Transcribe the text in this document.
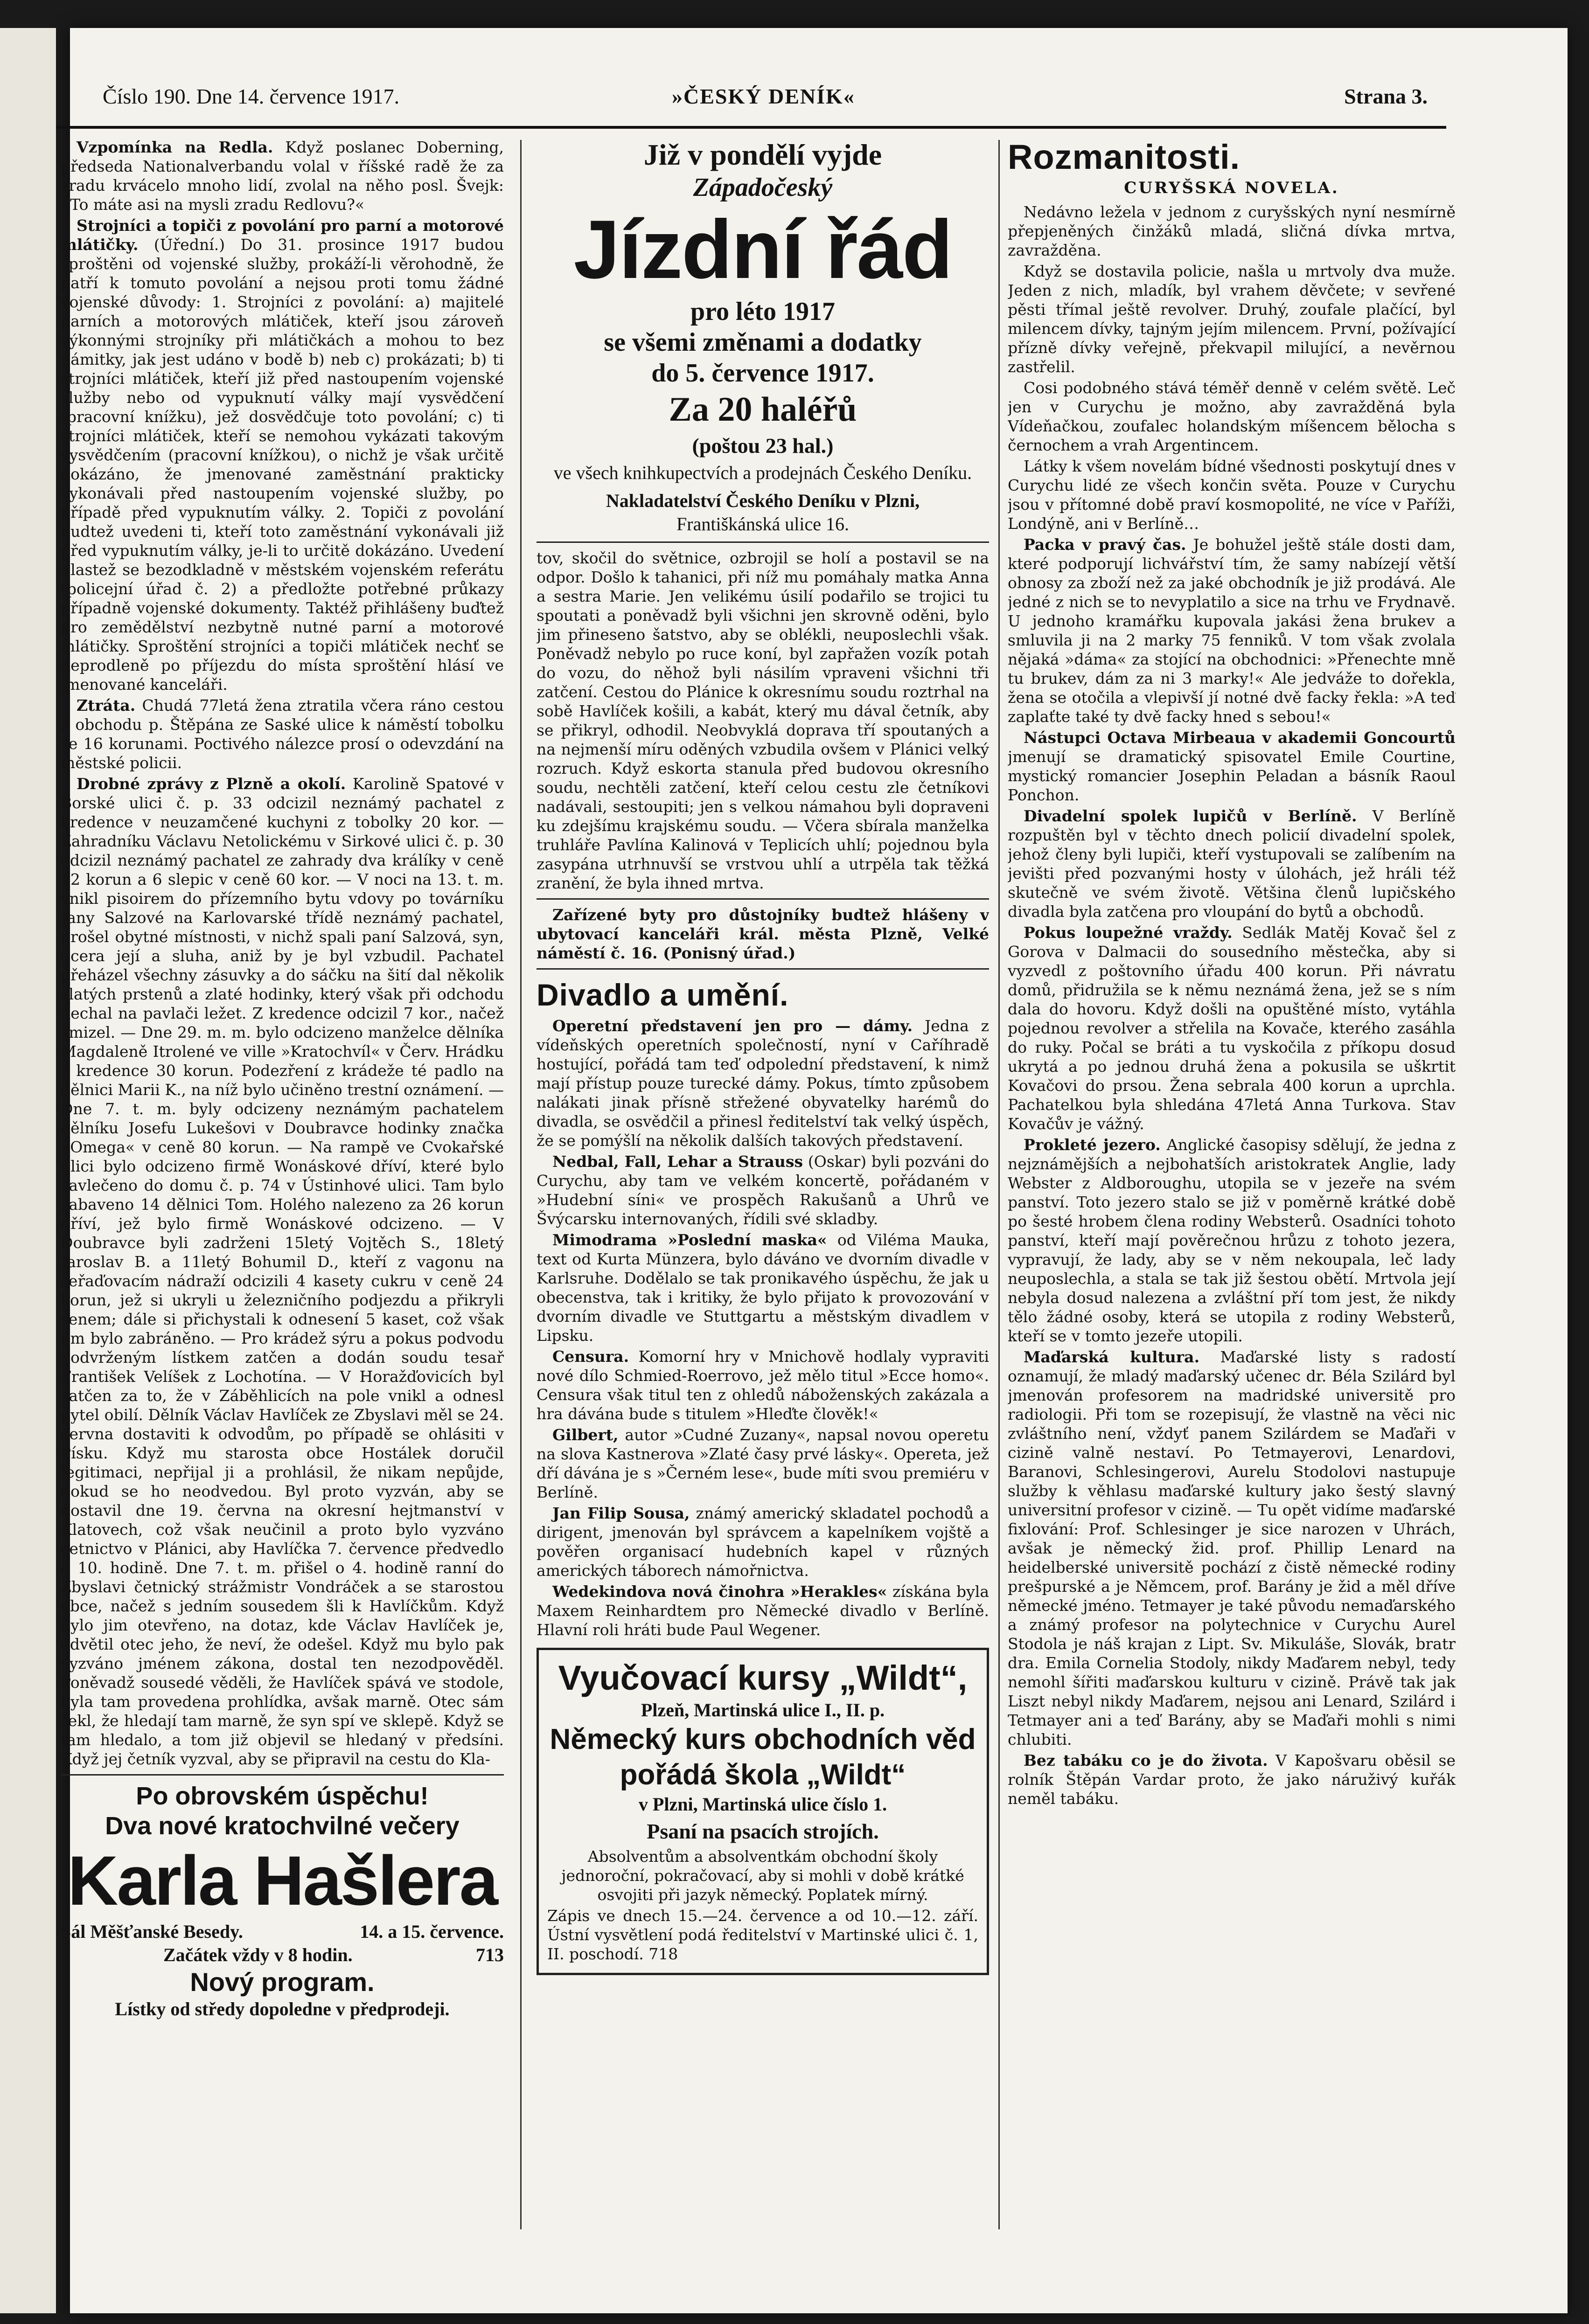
Číslo 190. Dne 14. července 1917.	»ČESKÝ DENÍK«	Strana 3.

Vzpomínka na Redla. Když poslanec Doberning, předseda Nationalverbandu volal v říšské radě že za zradu krvácelo mnoho lidí, zvolal na něho posl. Švejk: »To máte asi na mysli zradu Redlovu?«

Strojníci a topiči z povolání pro parní a motorové mlátičky. (Úřední.) Do 31. prosince 1917 budou sproštěni od vojenské služby, prokáží-li věrohodně, že patří k tomuto povolání a nejsou proti tomu žádné vojenské důvody: 1. Strojníci z povolání: a) majitelé parních a motorových mlátiček, kteří jsou zároveň výkonnými strojníky při mlátičkách a mohou to bez námitky, jak jest udáno v bodě b) neb c) prokázati; b) ti strojníci mlátiček, kteří již před nastoupením vojenské služby nebo od vypuknutí války mají vysvědčení (pracovní knížku), jež dosvědčuje toto povolání; c) ti strojníci mlátiček, kteří se nemohou vykázati takovým vysvědčením (pracovní knížkou), o nichž je však určitě dokázáno, že jmenované zaměstnání prakticky vykonávali před nastoupením vojenské služby, po případě před vypuknutím války. 2. Topiči z povolání budtež uvedeni ti, kteří toto zaměstnání vykonávali již před vypuknutím války, je-li to určitě dokázáno. Uvedení hlastež se bezodkladně v městském vojenském referátu (policejní úřad č. 2) a předložte potřebné průkazy případně vojenské dokumenty. Taktéž přihlášeny buďtež pro zemědělství nezbytně nutné parní a motorové mlátičky. Sproštění strojníci a topiči mlátiček nechť se neprodleně po příjezdu do místa sproštění hlásí ve jmenované kanceláři.

Ztráta. Chudá 77letá žena ztratila včera ráno cestou z obchodu p. Štěpána ze Saské ulice k náměstí tobolku se 16 korunami. Poctivého nálezce prosí o odevzdání na městské policii.

Drobné zprávy z Plzně a okolí. Karolině Spatové v Borské ulici č. p. 33 odcizil neznámý pachatel z kredence v neuzamčené kuchyni z tobolky 20 kor. — Zahradníku Václavu Netolickému v Sirkové ulici č. p. 30 odcizil neznámý pachatel ze zahrady dva králíky v ceně 42 korun a 6 slepic v ceně 60 kor. — V noci na 13. t. m. vnikl pisoirem do přízemního bytu vdovy po továrníku Jany Salzové na Karlovarské třídě neznámý pachatel, prošel obytné místnosti, v nichž spali paní Salzová, syn, dcera její a sluha, aniž by je byl vzbudil. Pachatel přeházel všechny zásuvky a do sáčku na šití dal několik zlatých prstenů a zlaté hodinky, který však při odchodu nechal na pavlači ležet. Z kredence odcizil 7 kor., načež zmizel. — Dne 29. m. m. bylo odcizeno manželce dělníka Magdaleně Itrolené ve ville »Kratochvíl« v Červ. Hrádku z kredence 30 korun. Podezření z krádeže té padlo na dělnici Marii K., na níž bylo učiněno trestní oznámení. — Dne 7. t. m. byly odcizeny neznámým pachatelem dělníku Josefu Lukešovi v Doubravce hodinky značka »Omega« v ceně 80 korun. — Na rampě ve Cvokařské ulici bylo odcizeno firmě Wonáskové dříví, které bylo zavlečeno do domu č. p. 74 v Ústinhové ulici. Tam bylo zabaveno 14 dělnici Tom. Holého nalezeno za 26 korun dříví, jež bylo firmě Wonáskové odcizeno. — V Doubravce byli zadrženi 15letý Vojtěch S., 18letý Jaroslav B. a 11letý Bohumil D., kteří z vagonu na seřaďovacím nádraží odcizili 4 kasety cukru v ceně 24 korun, jež si ukryli u železničního podjezdu a přikryli senem; dále si přichystali k odnesení 5 kaset, což však jim bylo zabráněno. — Pro krádež sýru a pokus podvodu podvrženým lístkem zatčen a dodán soudu tesař František Velíšek z Lochotína. — V Horažďovicích byl zatčen za to, že v Záběhlicích na pole vnikl a odnesl pytel obilí. Dělník Václav Havlíček ze Zbyslavi měl se 24. června dostaviti k odvodům, po případě se ohlásiti v Písku. Když mu starosta obce Hostálek doručil legitimaci, nepřijal ji a prohlásil, že nikam nepůjde, dokud se ho neodvedou. Byl proto vyzván, aby se dostavil dne 19. června na okresní hejtmanství v Klatovech, což však neučinil a proto bylo vyzváno četnictvo v Plánici, aby Havlíčka 7. července předvedlo o 10. hodině. Dne 7. t. m. přišel o 4. hodině ranní do Zbyslavi četnický strážmistr Vondráček a se starostou obce, načež s jedním sousedem šli k Havlíčkům. Když bylo jim otevřeno, na dotaz, kde Václav Havlíček je, odvětil otec jeho, že neví, že odešel. Když mu bylo pak vyzváno jménem zákona, dostal ten nezodpověděl. Poněvadž sousedé věděli, že Havlíček spává ve stodole, byla tam provedena prohlídka, avšak marně. Otec sám řekl, že hledají tam marně, že syn spí ve sklepě. Když se tam hledalo, a tom již objevil se hledaný v předsíni. Když jej četník vyzval, aby se připravil na cestu do Kla-

Po obrovském úspěchu!
Dva nové kratochvilné večery
Karla Hašlera
Sál Měšťanské Besedy.	14. a 15. července.
Začátek vždy v 8 hodin.	713
Nový program.
Lístky od středy dopoledne v předprodeji.
Již v pondělí vyjde
Západočeský
Jízdní řád
pro léto 1917
se všemi změnami a dodatky
do 5. července 1917.
Za 20 haléřů
(poštou 23 hal.)
ve všech knihkupectvích a prodejnách Českého Deníku.
Nakladatelství Českého Deníku v Plzni,
Františkánská ulice 16.

tov, skočil do světnice, ozbrojil se holí a postavil se na odpor. Došlo k tahanici, při níž mu pomáhaly matka Anna a sestra Marie. Jen velikému úsilí podařilo se trojici tu spoutati a poněvadž byli všichni jen skrovně oděni, bylo jim přineseno šatstvo, aby se oblékli, neuposlechli však. Poněvadž nebylo po ruce koní, byl zapřažen vozík potah do vozu, do něhož byli násilím vpraveni všichni tři zatčení. Cestou do Plánice k okresnímu soudu roztrhal na sobě Havlíček košili, a kabát, který mu dával četník, aby se přikryl, odhodil. Neobvyklá doprava tří spoutaných a na nejmenší míru oděných vzbudila ovšem v Plánici velký rozruch. Když eskorta stanula před budovou okresního soudu, nechtěli zatčení, kteří celou cestu zle četníkovi nadávali, sestoupiti; jen s velkou námahou byli dopraveni ku zdejšímu krajskému soudu. — Včera sbírala manželka truhláře Pavlína Kalinová v Teplicích uhlí; pojednou byla zasypána utrhnuvší se vrstvou uhlí a utrpěla tak těžká zranění, že byla ihned mrtva.

Zařízené byty pro důstojníky budtež hlášeny v ubytovací kanceláři král. města Plzně, Velké náměstí č. 16. (Ponisný úřad.)

Divadlo a umění.

Operetní představení jen pro — dámy. Jedna z vídeňských operetních společností, nyní v Caříhradě hostující, pořádá tam teď odpolední představení, k nimž mají přístup pouze turecké dámy. Pokus, tímto způsobem nalákati jinak přísně střežené obyvatelky harémů do divadla, se osvědčil a přinesl ředitelství tak velký úspěch, že se pomýšlí na několik dalších takových představení.

Nedbal, Fall, Lehar a Strauss (Oskar) byli pozváni do Curychu, aby tam ve velkém koncertě, pořádaném v »Hudební síni« ve prospěch Rakušanů a Uhrů ve Švýcarsku internovaných, řídili své skladby.

Mimodrama »Poslední maska« od Viléma Mauka, text od Kurta Münzera, bylo dáváno ve dvorním divadle v Karlsruhe. Dodělalo se tak pronikavého úspěchu, že jak u obecenstva, tak i kritiky, že bylo přijato k provozování v dvorním divadle ve Stuttgartu a městským divadlem v Lipsku.

Censura. Komorní hry v Mnichově hodlaly vypraviti nové dílo Schmied-Roerrovo, jež mělo titul »Ecce homo«. Censura však titul ten z ohledů náboženských zakázala a hra dávána bude s titulem »Hleďte člověk!«

Gilbert, autor »Cudné Zuzany«, napsal novou operetu na slova Kastnerova »Zlaté časy prvé lásky«. Opereta, jež dří dávána je s »Černém lese«, bude míti svou premiéru v Berlíně.

Jan Filip Sousa, známý americký skladatel pochodů a dirigent, jmenován byl správcem a kapelníkem vojště a pověřen organisací hudebních kapel v různých amerických táborech námořnictva.

Wedekindova nová činohra »Herakles« získána byla Maxem Reinhardtem pro Německé divadlo v Berlíně. Hlavní roli hráti bude Paul Wegener.

Vyučovací kursy „Wildt“,
Plzeň, Martinská ulice I., II. p.
Německý kurs obchodních věd pořádá škola „Wildt“
v Plzni, Martinská ulice číslo 1.
Psaní na psacích strojích.

Absolventům a absolventkám obchodní školy jednoroční, pokračovací, aby si mohli v době krátké osvojiti při jazyk německý. Poplatek mírný.

Zápis ve dnech 15.—24. července a od 10.—12. září. Ústní vysvětlení podá ředitelství v Martinské ulici č. 1, II. poschodí. 718

Rozmanitosti.
CURYŠSKÁ NOVELA.

Nedávno ležela v jednom z curyšských nyní nesmírně přepjeněných činžáků mladá, sličná dívka mrtva, zavražděna.

Když se dostavila policie, našla u mrtvoly dva muže. Jeden z nich, mladík, byl vrahem děvčete; v sevřené pěsti třímal ještě revolver. Druhý, zoufale plačící, byl milencem dívky, tajným jejím milencem. První, požívající přízně dívky veřejně, překvapil milující, a nevěrnou zastřelil.

Cosi podobného stává téměř denně v celém světě. Leč jen v Curychu je možno, aby zavražděná byla Vídeňačkou, zoufalec holandským míšencem bělocha s černochem a vrah Argentincem.

Látky k všem novelám bídné všednosti poskytují dnes v Curychu lidé ze všech končin světa. Pouze v Curychu jsou v přítomné době praví kosmopolité, ne více v Paříži, Londýně, ani v Berlíně…

Packa v pravý čas. Je bohužel ještě stále dosti dam, které podporují lichvářství tím, že samy nabízejí větší obnosy za zboží než za jaké obchodník je již prodává. Ale jedné z nich se to nevyplatilo a sice na trhu ve Frydnavě. U jednoho kramářku kupovala jakási žena brukev a smluvila ji na 2 marky 75 fenniků. V tom však zvolala nějaká »dáma« za stojící na obchodnici: »Přenechte mně tu brukev, dám za ni 3 marky!« Ale jedváže to dořekla, žena se otočila a vlepivší jí notné dvě facky řekla: »A teď zaplaťte také ty dvě facky hned s sebou!«

Nástupci Octava Mirbeaua v akademii Goncourtů jmenují se dramatický spisovatel Emile Courtine, mystický romancier Josephin Peladan a básník Raoul Ponchon.

Divadelní spolek lupičů v Berlíně. V Berlíně rozpuštěn byl v těchto dnech policií divadelní spolek, jehož členy byli lupiči, kteří vystupovali se zalíbením na jevišti před pozvanými hosty v úlohách, jež hráli též skutečně ve svém životě. Většina členů lupičského divadla byla zatčena pro vloupání do bytů a obchodů.

Pokus loupežné vraždy. Sedlák Matěj Kovač šel z Gorova v Dalmacii do sousedního městečka, aby si vyzvedl z poštovního úřadu 400 korun. Při návratu domů, přidružila se k němu neznámá žena, jež se s ním dala do hovoru. Když došli na opuštěné místo, vytáhla pojednou revolver a střelila na Kovače, kterého zasáhla do ruky. Počal se bráti a tu vyskočila z příkopu dosud ukrytá a po jednou druhá žena a pokusila se uškrtit Kovačovi do prsou. Žena sebrala 400 korun a uprchla. Pachatelkou byla shledána 47letá Anna Turkova. Stav Kovačův je vážný.

Prokleté jezero. Anglické časopisy sdělují, že jedna z nejznámějších a nejbohatších aristokratek Anglie, lady Webster z Aldboroughu, utopila se v jezeře na svém panství. Toto jezero stalo se již v poměrně krátké době po šesté hrobem člena rodiny Websterů. Osadníci tohoto panství, kteří mají pověrečnou hrůzu z tohoto jezera, vypravují, že lady, aby se v něm nekoupala, leč lady neuposlechla, a stala se tak již šestou obětí. Mrtvola její nebyla dosud nalezena a zvláštní pří tom jest, že nikdy tělo žádné osoby, která se utopila z rodiny Websterů, kteří se v tomto jezeře utopili.

Maďarská kultura. Maďarské listy s radostí oznamují, že mladý maďarský učenec dr. Béla Szilárd byl jmenován profesorem na madridské universitě pro radiologii. Při tom se rozepisují, že vlastně na věci nic zvláštního není, vždyť panem Szilárdem se Maďaři v cizině valně nestaví. Po Tetmayerovi, Lenardovi, Baranovi, Schlesingerovi, Aurelu Stodolovi nastupuje služby k věhlasu maďarské kultury jako šestý slavný universitní profesor v cizině. — Tu opět vidíme maďarské fixlování: Prof. Schlesinger je sice narozen v Uhrách, avšak je německý žid. prof. Phillip Lenard na heidelberské universitě pochází z čistě německé rodiny prešpurské a je Němcem, prof. Barány je žid a měl dříve německé jméno. Tetmayer je také původu nemaďarského a známý profesor na polytechnice v Curychu Aurel Stodola je náš krajan z Lipt. Sv. Mikuláše, Slovák, bratr dra. Emila Cornelia Stodoly, nikdy Maďarem nebyl, tedy nemohl šířiti maďarskou kulturu v cizině. Právě tak jak Liszt nebyl nikdy Maďarem, nejsou ani Lenard, Szilárd i Tetmayer ani a teď Barány, aby se Maďaři mohli s nimi chlubiti.

Bez tabáku co je do života. V Kapošvaru oběsil se rolník Štěpán Vardar proto, že jako náruživý kuřák neměl tabáku.
